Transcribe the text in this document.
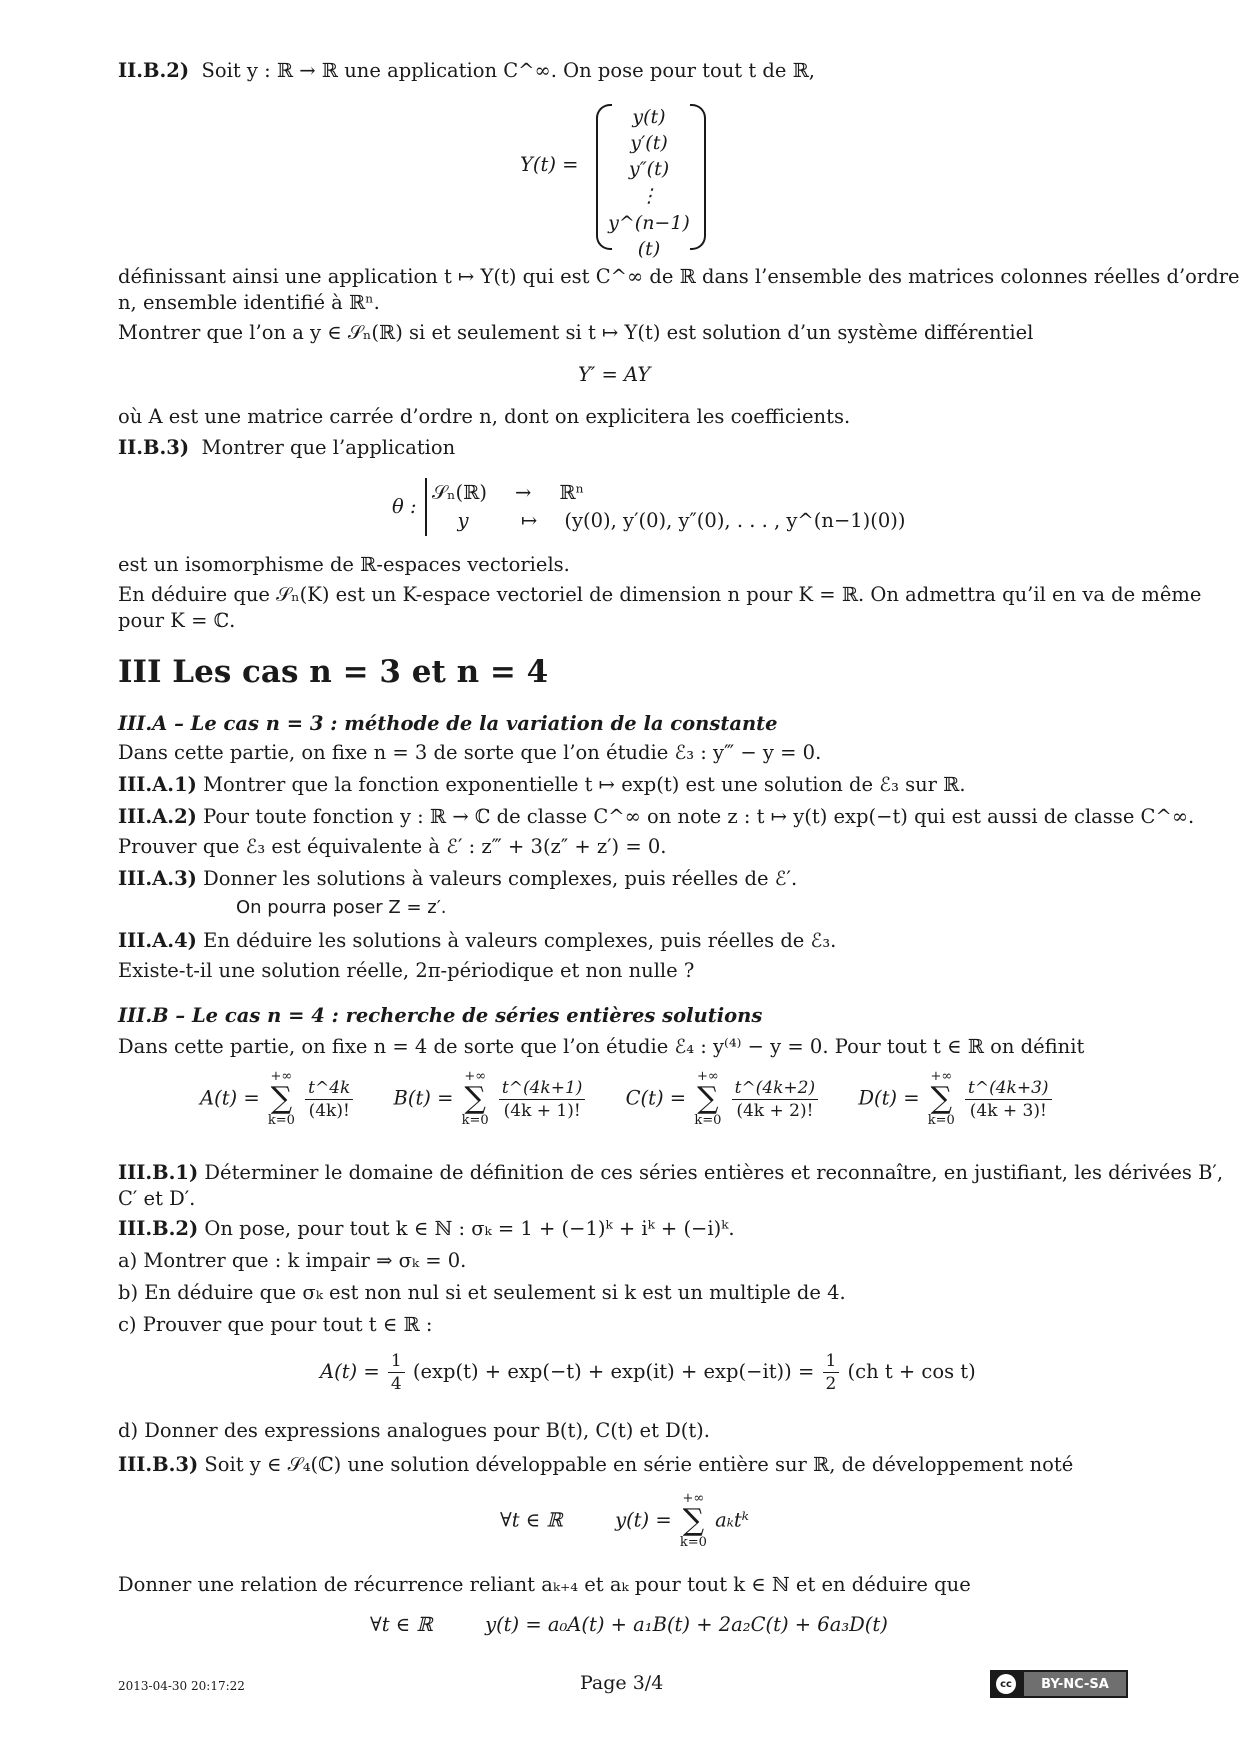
II.B.2) Soit y : ℝ → ℝ une application C^∞. On pose pour tout t de ℝ,
Y(t) =
y(t)
y′(t)
y″(t)
⋮
y^(n−1)(t)
définissant ainsi une application t ↦ Y(t) qui est C^∞ de ℝ dans l’ensemble des matrices colonnes réelles d’ordre
n, ensemble identifié à ℝⁿ.
Montrer que l’on a y ∈ 𝒮ₙ(ℝ) si et seulement si t ↦ Y(t) est solution d’un système différentiel
Y′ = AY
où A est une matrice carrée d’ordre n, dont on explicitera les coefficients.
II.B.3) Montrer que l’application
θ :
𝒮ₙ(ℝ) → ℝⁿ
y	↦ (y(0), y′(0), y″(0), . . . , y^(n−1)(0))
est un isomorphisme de ℝ-espaces vectoriels.
En déduire que 𝒮ₙ(K) est un K-espace vectoriel de dimension n pour K = ℝ. On admettra qu’il en va de même
pour K = ℂ.
III Les cas n = 3 et n = 4
III.A – Le cas n = 3 : méthode de la variation de la constante
Dans cette partie, on fixe n = 3 de sorte que l’on étudie ℰ₃ : y‴ − y = 0.
III.A.1) Montrer que la fonction exponentielle t ↦ exp(t) est une solution de ℰ₃ sur ℝ.
III.A.2) Pour toute fonction y : ℝ → ℂ de classe C^∞ on note z : t ↦ y(t) exp(−t) qui est aussi de classe C^∞.
Prouver que ℰ₃ est équivalente à ℰ′ : z‴ + 3(z″ + z′) = 0.
III.A.3) Donner les solutions à valeurs complexes, puis réelles de ℰ′.
On pourra poser Z = z′.
III.A.4) En déduire les solutions à valeurs complexes, puis réelles de ℰ₃.
Existe-t-il une solution réelle, 2π-périodique et non nulle ?
III.B – Le cas n = 4 : recherche de séries entières solutions
Dans cette partie, on fixe n = 4 de sorte que l’on étudie ℰ₄ : y⁽⁴⁾ − y = 0. Pour tout t ∈ ℝ on définit
A(t) =
+∞
∑
k=0
$\frac{t\^{}4k}{(4k)!} B(t)$ =
+∞
∑
k=0
$\frac{t\^{}(4k+1)}{(4k + 1)!} C(t)$ =
+∞
∑
k=0
$\frac{t\^{}(4k+2)}{(4k + 2)!} D(t)$ =
+∞
∑
k=0
$\frac{t\^{}(4k+3)}{(4k + 3)!}$
III.B.1) Déterminer le domaine de définition de ces séries entières et reconnaître, en justifiant, les dérivées B′,
C′ et D′.
III.B.2) On pose, pour tout k ∈ ℕ : σₖ = 1 + (−1)ᵏ + iᵏ + (−i)ᵏ.
a) Montrer que : k impair ⇒ σₖ = 0.
b) En déduire que σₖ est non nul si et seulement si k est un multiple de 4.
c) Prouver que pour tout t ∈ ℝ :
$A(t) = \frac{1}{4} (\exp(t) + \exp(-t) + \exp(it) + \exp(-it)) = \frac{1}{2} (ch$ t + cos t)
d) Donner des expressions analogues pour B(t), C(t) et D(t).
III.B.3) Soit y ∈ 𝒮₄(ℂ) une solution développable en série entière sur ℝ, de développement noté
∀t ∈ ℝ	y(t) =
+∞
∑
k=0
aₖtᵏ
Donner une relation de récurrence reliant aₖ₊₄ et aₖ pour tout k ∈ ℕ et en déduire que
∀t ∈ ℝ	y(t) = a₀A(t) + a₁B(t) + 2a₂C(t) + 6a₃D(t)
2013-04-30 20:17:22	Page 3/4	cc	BY-NC-SA
